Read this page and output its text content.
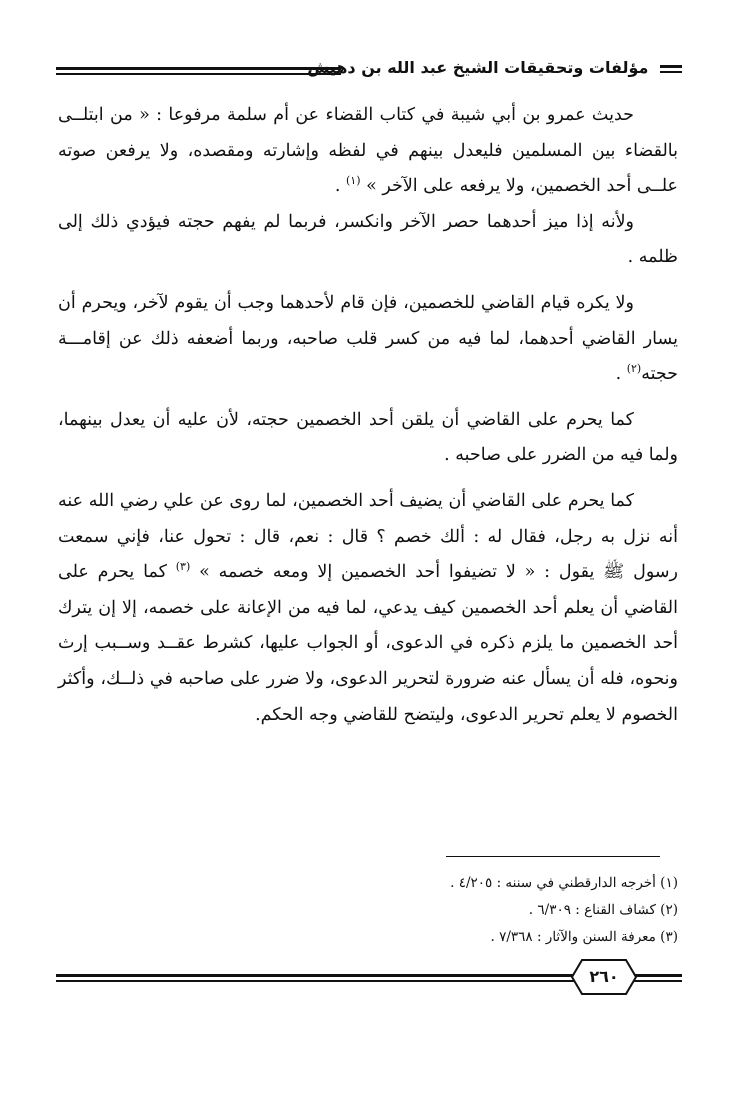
مؤلفات وتحقيقات الشيخ عبد الله بن دهيش

حديث عمرو بن أبي شيبة في كتاب القضاء عن أم سلمة مرفوعا : « من ابتلــى بالقضاء بين المسلمين فليعدل بينهم في لفظه وإشارته ومقصده، ولا يرفعن صوته علــى أحد الخصمين، ولا يرفعه على الآخر » $^{(١)}$ .

ولأنه إذا ميز أحدهما حصر الآخر وانكسر، فربما لم يفهم حجته فيؤدي ذلك إلى ظلمه .

ولا يكره قيام القاضي للخصمين، فإن قام لأحدهما وجب أن يقوم لآخر، ويحرم أن يسار القاضي أحدهما، لما فيه من كسر قلب صاحبه، وربما أضعفه ذلك عن إقامـــة حجته$^{(٢)}$ .

كما يحرم على القاضي أن يلقن أحد الخصمين حجته، لأن عليه أن يعدل بينهما، ولما فيه من الضرر على صاحبه .

كما يحرم على القاضي أن يضيف أحد الخصمين، لما روى عن علي رضي الله عنه أنه نزل به رجل، فقال له : ألك خصم ؟ قال : نعم، قال : تحول عنا، فإني سمعت رسول ﷺ يقول : « لا تضيفوا أحد الخصمين إلا ومعه خصمه » $^{(٣)}$ كما يحرم على القاضي أن يعلم أحد الخصمين كيف يدعي، لما فيه من الإعانة على خصمه، إلا إن يترك أحد الخصمين ما يلزم ذكره في الدعوى، أو الجواب عليها، كشرط عقــد وســبب إرث ونحوه، فله أن يسأل عنه ضرورة لتحرير الدعوى، ولا ضرر على صاحبه في ذلــك، وأكثر الخصوم لا يعلم تحرير الدعوى، وليتضح للقاضي وجه الحكم.

(١) أخرجه الدارقطني في سننه : ٤/٢٠٥ .
(٢) كشاف القناع : ٦/٣٠٩ .
(٣) معرفة السنن والآثار : ٧/٣٦٨ .
٢٦٠
